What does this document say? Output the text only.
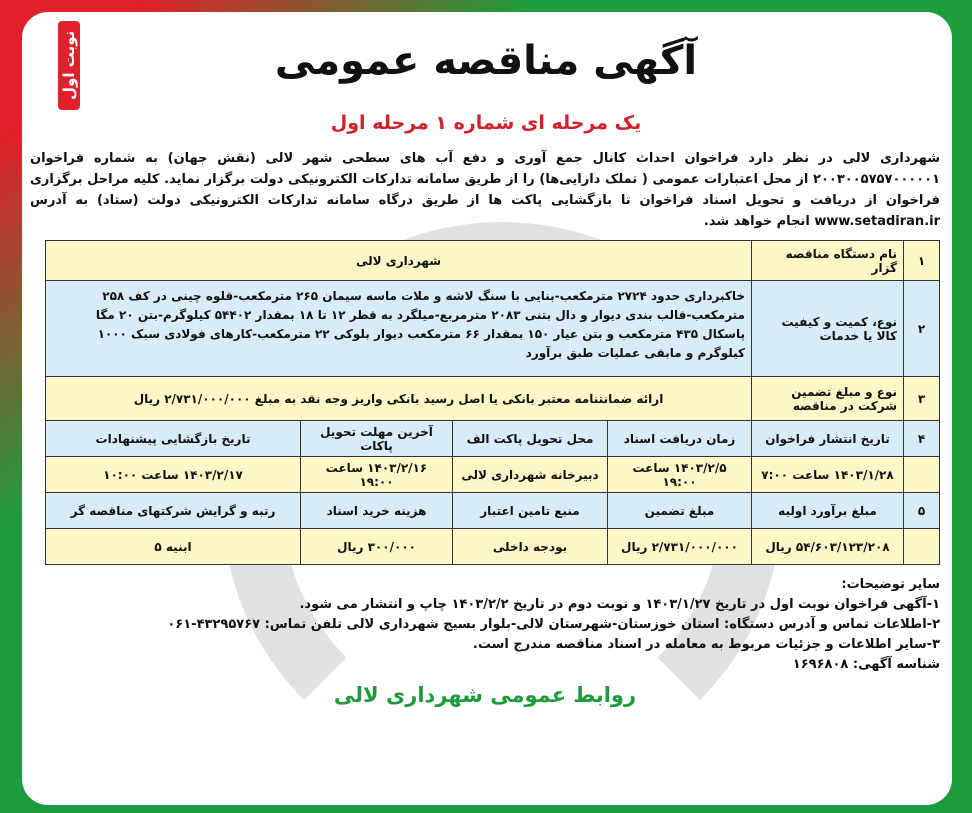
نوبت اول	آگهی مناقصه عمومی
یک مرحله ای شماره ۱ مرحله اول
شهرداری لالی در نظر دارد فراخوان احداث کانال جمع آوری و دفع آب های سطحی شهر لالی (نقش جهان) به شماره فراخوان ۲۰۰۳۰۰۵۷۵۷۰۰۰۰۰۱ از محل اعتبارات عمومی ( تملک دارایی‌ها) را از طریق سامانه تدارکات الکترونیکی دولت برگزار نماید. کلیه مراحل برگزاری فراخوان از دریافت و تحویل اسناد فراخوان تا بازگشایی پاکت ها از طریق درگاه سامانه تدارکات الکترونیکی دولت (ستاد) به آدرس www.setadiran.ir انجام خواهد شد.
۱	نام دستگاه مناقصه گزار	شهرداری لالی			
۲	نوع، کمیت و کیفیت کالا یا خدمات	خاکبرداری حدود ۲۷۲۴ مترمکعب-بنایی با سنگ لاشه و ملات ماسه سیمان ۲۶۵ مترمکعب-قلوه چینی در کف ۲۵۸ مترمکعب-قالب بندی دیوار و دال بتنی ۲۰۸۳ مترمربع-میلگرد به قطر ۱۲ تا ۱۸ بمقدار ۵۴۴۰۲ کیلوگرم-بتن ۲۰ مگا پاسکال ۴۳۵ مترمکعب و بتن عیار ۱۵۰ بمقدار ۶۶ مترمکعب دیوار بلوکی ۲۲ مترمکعب-کارهای فولادی سبک ۱۰۰۰ کیلوگرم و مابقی عملیات طبق برآورد			
۳	نوع و مبلغ تضمین شرکت در مناقصه	ارائه ضمانتنامه معتبر بانکی یا اصل رسید بانکی واریز وجه نقد به مبلغ ۲/۷۳۱/۰۰۰/۰۰۰ ریال			
۴	تاریخ انتشار فراخوان	زمان دریافت اسناد	محل تحویل پاکت الف	آخرین مهلت تحویل پاکات	تاریخ بازگشایی پیشنهادات
	۱۴۰۳/۱/۲۸ ساعت ۷:۰۰	۱۴۰۳/۲/۵ ساعت ۱۹:۰۰	دبیرخانه شهرداری لالی	۱۴۰۳/۲/۱۶ ساعت ۱۹:۰۰	۱۴۰۳/۲/۱۷ ساعت ۱۰:۰۰
۵	مبلغ برآورد اولیه	مبلغ تضمین	منبع تامین اعتبار	هزینه خرید اسناد	رتبه و گرایش شرکتهای مناقصه گر
	۵۴/۶۰۳/۱۲۳/۲۰۸ ریال	۲/۷۳۱/۰۰۰/۰۰۰ ریال	بودجه داخلی	۳۰۰/۰۰۰ ریال	ابنیه ۵
سایر توضیحات:
۱-آگهی فراخوان نوبت اول در تاریخ ۱۴۰۳/۱/۲۷ و نوبت دوم در تاریخ ۱۴۰۳/۲/۲ چاپ و انتشار می شود.
۲-اطلاعات تماس و آدرس دستگاه: استان خوزستان-شهرستان لالی-بلوار بسیج شهرداری لالی تلفن تماس: ۴۳۲۹۵۷۶۷-۰۶۱
۳-سایر اطلاعات و جزئیات مربوط به معامله در اسناد مناقصه مندرج است.
شناسه آگهی: ۱۶۹۶۸۰۸
روابط عمومی شهرداری لالی
